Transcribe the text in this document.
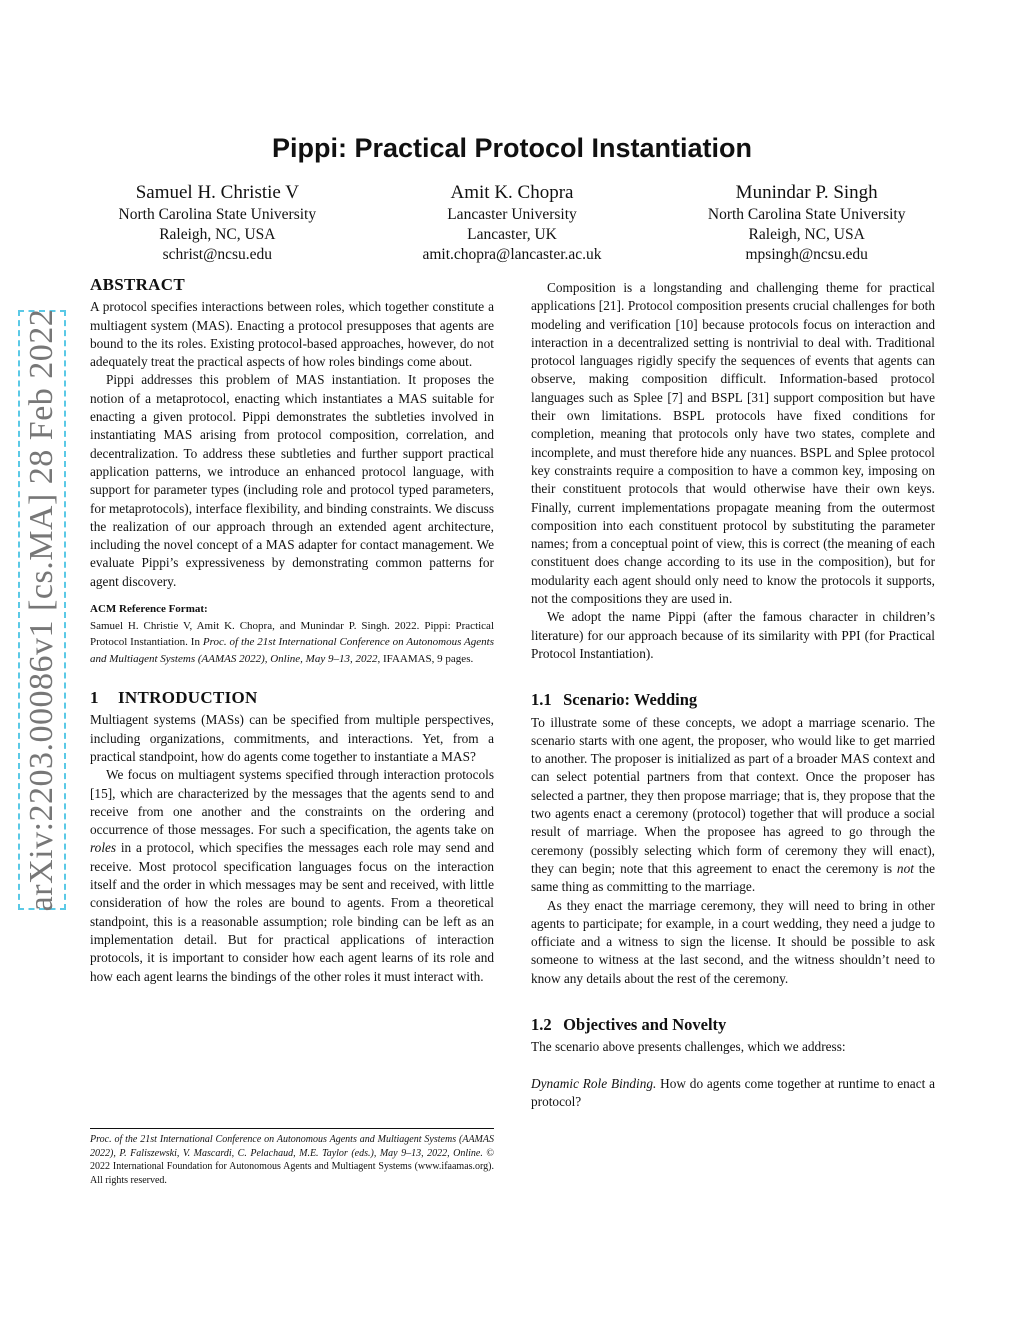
arXiv:2203.00086v1 [cs.MA] 28 Feb 2022
Pippi: Practical Protocol Instantiation
Samuel H. Christie V
North Carolina State University
Raleigh, NC, USA
schrist@ncsu.edu
Amit K. Chopra
Lancaster University
Lancaster, UK
amit.chopra@lancaster.ac.uk
Munindar P. Singh
North Carolina State University
Raleigh, NC, USA
mpsingh@ncsu.edu
ABSTRACT

A protocol specifies interactions between roles, which together constitute a multiagent system (MAS). Enacting a protocol presupposes that agents are bound to the its roles. Existing protocol-based approaches, however, do not adequately treat the practical aspects of how roles bindings come about.

Pippi addresses this problem of MAS instantiation. It proposes the notion of a metaprotocol, enacting which instantiates a MAS suitable for enacting a given protocol. Pippi demonstrates the subtleties involved in instantiating MAS arising from protocol composition, correlation, and decentralization. To address these subtleties and further support practical application patterns, we introduce an enhanced protocol language, with support for parameter types (including role and protocol typed parameters, for metaprotocols), interface flexibility, and binding constraints. We discuss the realization of our approach through an extended agent architecture, including the novel concept of a MAS adapter for contact management. We evaluate Pippi’s expressiveness by demonstrating common patterns for agent discovery.

ACM Reference Format:
Samuel H. Christie V, Amit K. Chopra, and Munindar P. Singh. 2022. Pippi: Practical Protocol Instantiation. In Proc. of the 21st International Conference on Autonomous Agents and Multiagent Systems (AAMAS 2022), Online, May 9–13, 2022, IFAAMAS, 9 pages.
1 INTRODUCTION

Multiagent systems (MASs) can be specified from multiple perspectives, including organizations, commitments, and interactions. Yet, from a practical standpoint, how do agents come together to instantiate a MAS?

We focus on multiagent systems specified through interaction protocols [15], which are characterized by the messages that the agents send to and receive from one another and the constraints on the ordering and occurrence of those messages. For such a specification, the agents take on roles in a protocol, which specifies the messages each role may send and receive. Most protocol specification languages focus on the interaction itself and the order in which messages may be sent and received, with little consideration of how the roles are bound to agents. From a theoretical standpoint, this is a reasonable assumption; role binding can be left as an implementation detail. But for practical applications of interaction protocols, it is important to consider how each agent learns of its role and how each agent learns the bindings of the other roles it must interact with.

Proc. of the 21st International Conference on Autonomous Agents and Multiagent Systems (AAMAS 2022), P. Faliszewski, V. Mascardi, C. Pelachaud, M.E. Taylor (eds.), May 9–13, 2022, Online. © 2022 International Foundation for Autonomous Agents and Multiagent Systems (www.ifaamas.org). All rights reserved.

Composition is a longstanding and challenging theme for practical applications [21]. Protocol composition presents crucial challenges for both modeling and verification [10] because protocols focus on interaction and interaction in a decentralized setting is nontrivial to deal with. Traditional protocol languages rigidly specify the sequences of events that agents can observe, making composition difficult. Information-based protocol languages such as Splee [7] and BSPL [31] support composition but have their own limitations. BSPL protocols have fixed conditions for completion, meaning that protocols only have two states, complete and incomplete, and must therefore hide any nuances. BSPL and Splee protocol key constraints require a composition to have a common key, imposing on their constituent protocols that would otherwise have their own keys. Finally, current implementations propagate meaning from the outermost composition into each constituent protocol by substituting the parameter names; from a conceptual point of view, this is correct (the meaning of each constituent does change according to its use in the composition), but for modularity each agent should only need to know the protocols it supports, not the compositions they are used in.

We adopt the name Pippi (after the famous character in children’s literature) for our approach because of its similarity with PPI (for Practical Protocol Instantiation).

1.1 Scenario: Wedding

To illustrate some of these concepts, we adopt a marriage scenario. The scenario starts with one agent, the proposer, who would like to get married to another. The proposer is initialized as part of a broader MAS context and can select potential partners from that context. Once the proposer has selected a partner, they then propose marriage; that is, they propose that the two agents enact a ceremony (protocol) together that will produce a social result of marriage. When the proposee has agreed to go through the ceremony (possibly selecting which form of ceremony they will enact), they can begin; note that this agreement to enact the ceremony is not the same thing as committing to the marriage.

As they enact the marriage ceremony, they will need to bring in other agents to participate; for example, in a court wedding, they need a judge to officiate and a witness to sign the license. It should be possible to ask someone to witness at the last second, and the witness shouldn’t need to know any details about the rest of the ceremony.

1.2 Objectives and Novelty

The scenario above presents challenges, which we address:

Dynamic Role Binding. How do agents come together at runtime to enact a protocol?
